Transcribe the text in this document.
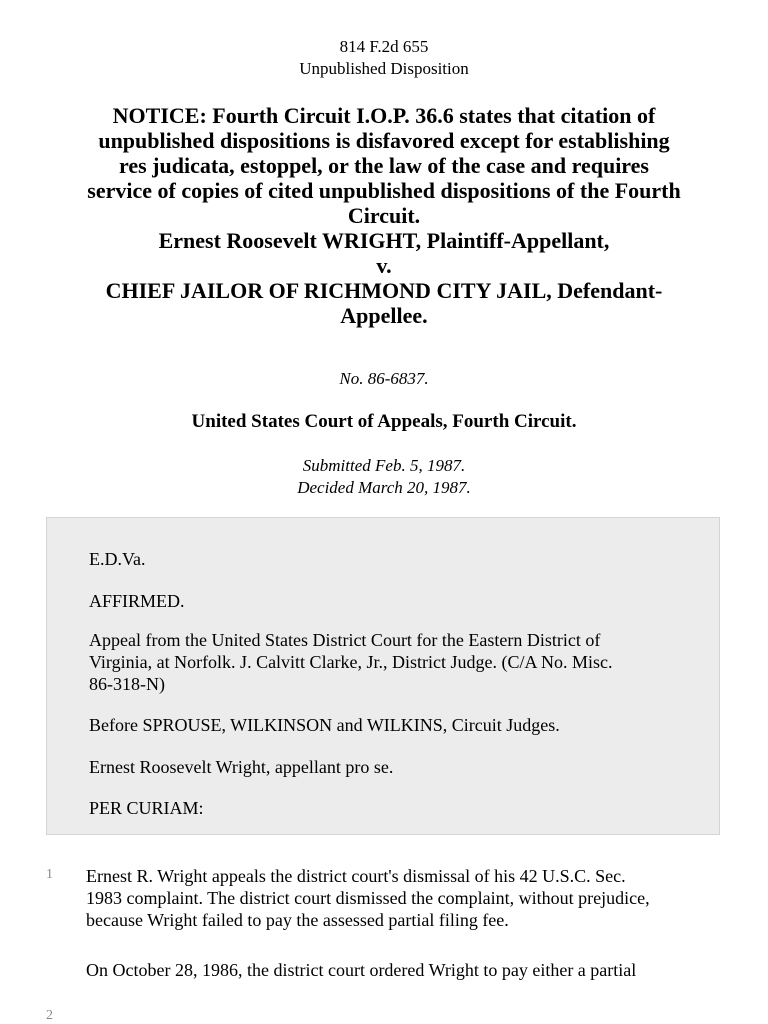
814 F.2d 655
Unpublished Disposition
NOTICE: Fourth Circuit I.O.P. 36.6 states that citation of
unpublished dispositions is disfavored except for establishing
res judicata, estoppel, or the law of the case and requires
service of copies of cited unpublished dispositions of the Fourth
Circuit.
Ernest Roosevelt WRIGHT, Plaintiff-Appellant,
v.
CHIEF JAILOR OF RICHMOND CITY JAIL, Defendant-
Appellee.
No. 86-6837.
United States Court of Appeals, Fourth Circuit.
Submitted Feb. 5, 1987.
Decided March 20, 1987.

E.D.Va.

AFFIRMED.

Appeal from the United States District Court for the Eastern District of
Virginia, at Norfolk. J. Calvitt Clarke, Jr., District Judge. (C/A No. Misc.
86-318-N)

Before SPROUSE, WILKINSON and WILKINS, Circuit Judges.

Ernest Roosevelt Wright, appellant pro se.

PER CURIAM:

1 Ernest R. Wright appeals the district court's dismissal of his 42 U.S.C. Sec.
1983 complaint. The district court dismissed the complaint, without prejudice,
because Wright failed to pay the assessed partial filing fee.

2

On October 28, 1986, the district court ordered Wright to pay either a partial
